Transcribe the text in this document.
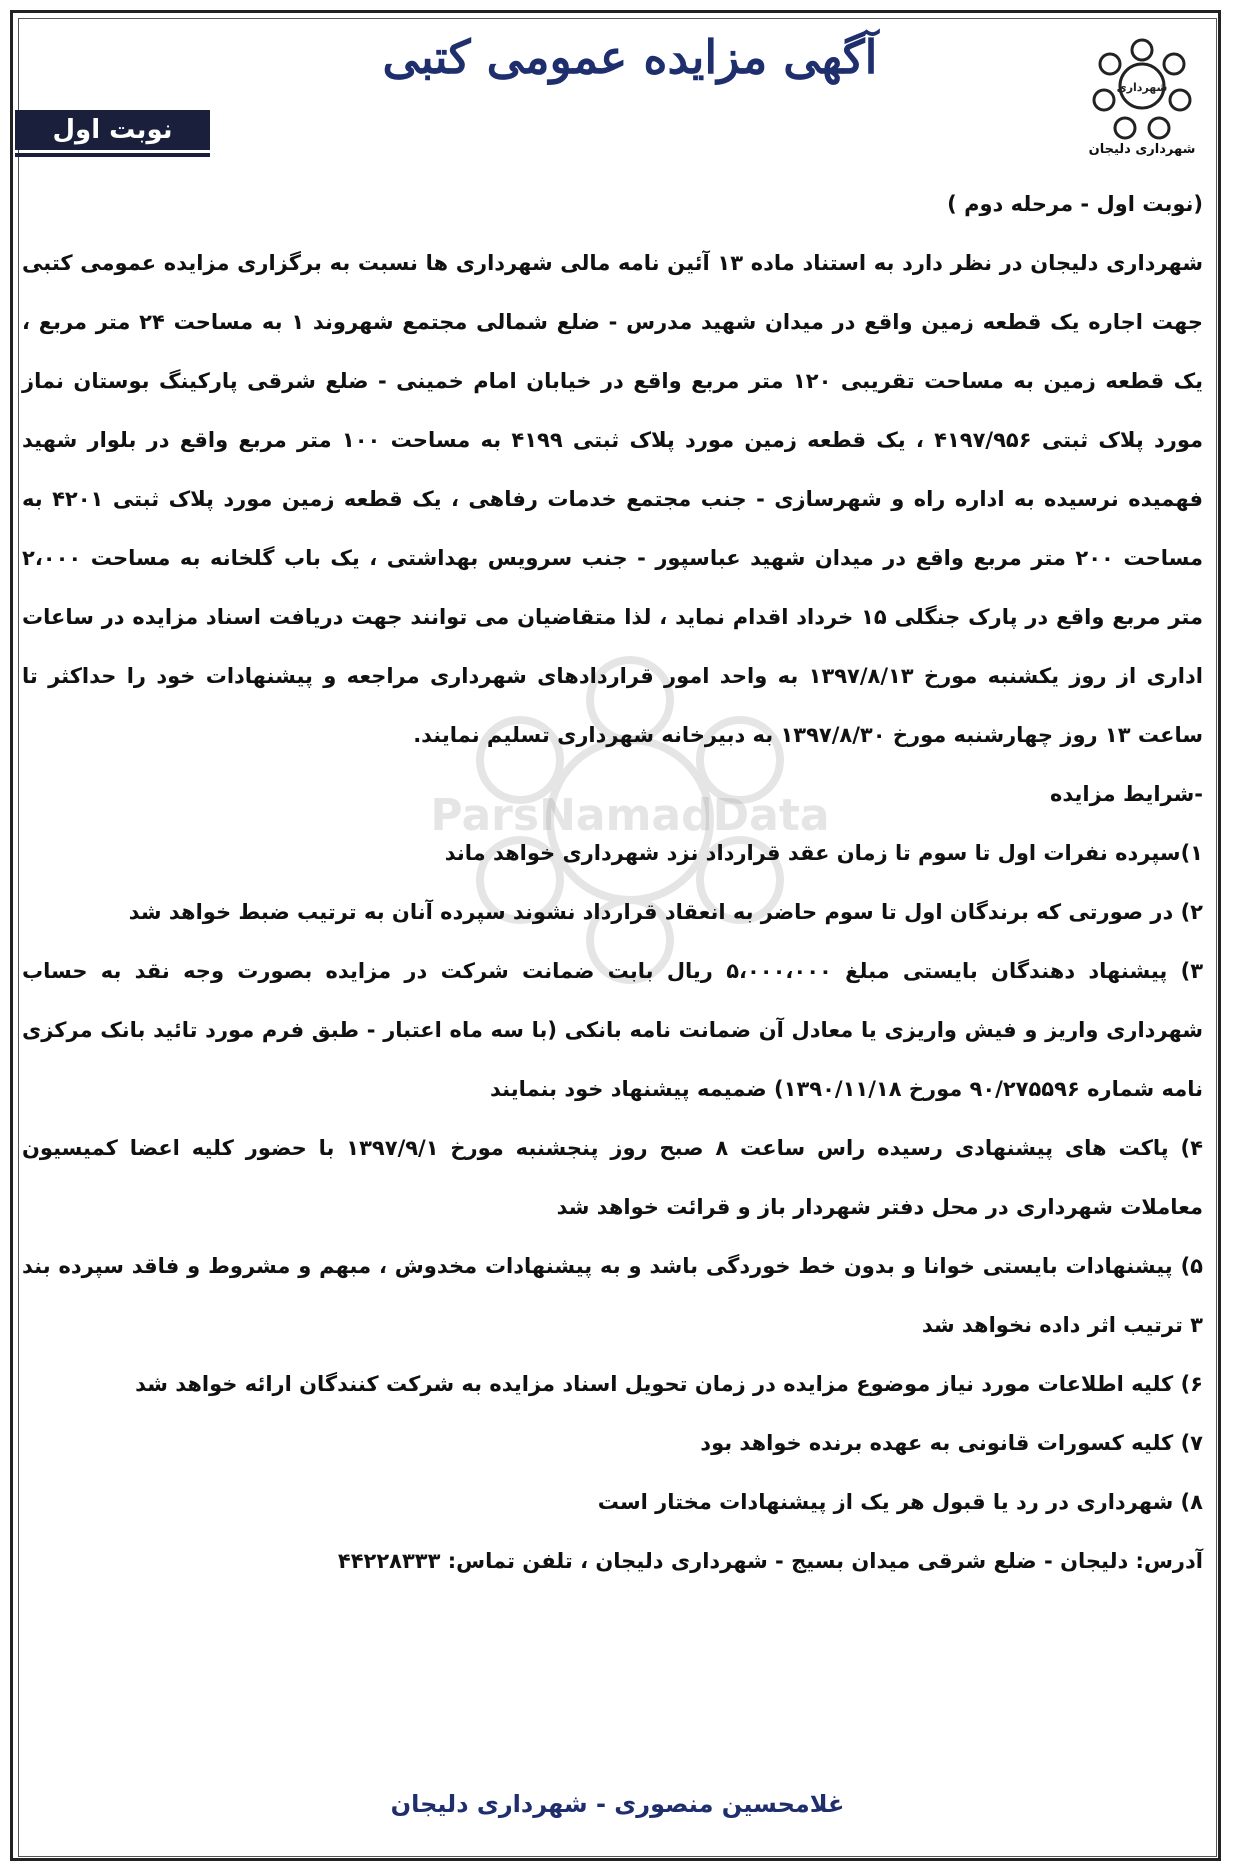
آگهی مزایده عمومی کتبی
شهرداری
شهرداری دلیجان
نوبت اول
ParsNamadData

(نوبت اول - مرحله دوم )

شهرداری دلیجان در نظر دارد به استناد ماده ۱۳ آئین نامه مالی شهرداری ها نسبت به برگزاری مزایده عمومی کتبی جهت اجاره یک قطعه زمین واقع در میدان شهید مدرس - ضلع شمالی مجتمع شهروند ۱ به مساحت ۲۴ متر مربع ، یک قطعه زمین به مساحت تقریبی ۱۲۰ متر مربع واقع در خیابان امام خمینی - ضلع شرقی پارکینگ بوستان نماز مورد پلاک ثبتی ۴۱۹۷/۹۵۶ ، یک قطعه زمین مورد پلاک ثبتی ۴۱۹۹ به مساحت ۱۰۰ متر مربع واقع در بلوار شهید فهمیده نرسیده به اداره راه و شهرسازی - جنب مجتمع خدمات رفاهی ، یک قطعه زمین مورد پلاک ثبتی ۴۲۰۱ به مساحت ۲۰۰ متر مربع واقع در میدان شهید عباسپور - جنب سرویس بهداشتی ، یک باب گلخانه به مساحت ۲،۰۰۰ متر مربع واقع در پارک جنگلی ۱۵ خرداد اقدام نماید ، لذا متقاضیان می توانند جهت دریافت اسناد مزایده در ساعات اداری از روز یکشنبه مورخ ۱۳۹۷/۸/۱۳ به واحد امور قراردادهای شهرداری مراجعه و پیشنهادات خود را حداکثر تا ساعت ۱۳ روز چهارشنبه مورخ ۱۳۹۷/۸/۳۰ به دبیرخانه شهرداری تسلیم نمایند.

-شرایط مزایده

۱)سپرده نفرات اول تا سوم تا زمان عقد قرارداد نزد شهرداری خواهد ماند

۲) در صورتی که برندگان اول تا سوم حاضر به انعقاد قرارداد نشوند سپرده آنان به ترتیب ضبط خواهد شد

۳) پیشنهاد دهندگان بایستی مبلغ ۵،۰۰۰،۰۰۰ ریال بابت ضمانت شرکت در مزایده بصورت وجه نقد به حساب شهرداری واریز و فیش واریزی یا معادل آن ضمانت نامه بانکی (با سه ماه اعتبار - طبق فرم مورد تائید بانک مرکزی نامه شماره ۹۰/۲۷۵۵۹۶ مورخ ۱۳۹۰/۱۱/۱۸) ضمیمه پیشنهاد خود بنمایند

۴) پاکت های پیشنهادی رسیده راس ساعت ۸ صبح روز پنجشنبه مورخ ۱۳۹۷/۹/۱ با حضور کلیه اعضا کمیسیون معاملات شهرداری در محل دفتر شهردار باز و قرائت خواهد شد

۵) پیشنهادات بایستی خوانا و بدون خط خوردگی باشد و به پیشنهادات مخدوش ، مبهم و مشروط و فاقد سپرده بند ۳ ترتیب اثر داده نخواهد شد

۶) کلیه اطلاعات مورد نیاز موضوع مزایده در زمان تحویل اسناد مزایده به شرکت کنندگان ارائه خواهد شد

۷) کلیه کسورات قانونی به عهده برنده خواهد بود

۸) شهرداری در رد یا قبول هر یک از پیشنهادات مختار است

آدرس: دلیجان - ضلع شرقی میدان بسیج - شهرداری دلیجان ، تلفن تماس: ۴۴۲۲۸۳۳۳

غلامحسین منصوری - شهرداری دلیجان
